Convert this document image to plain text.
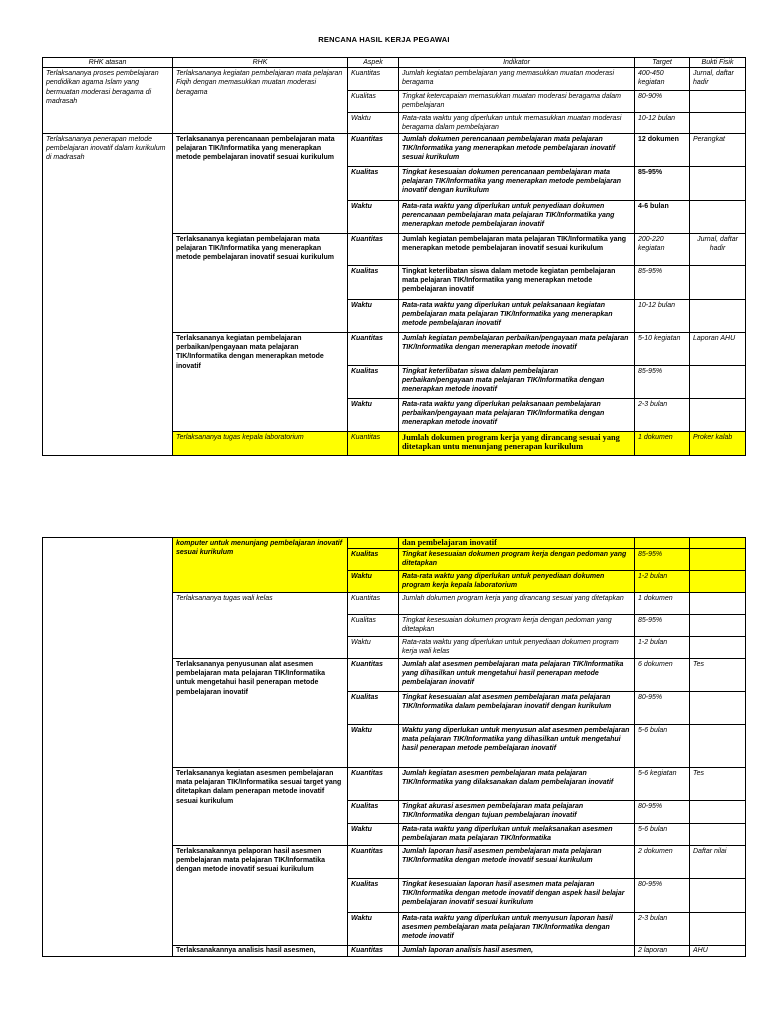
RENCANA HASIL KERJA PEGAWAI
RHK atasan	RHK	Aspek	Indikator	Target	Bukti Fisik
Terlaksananya proses pembelajaran pendidikan agama Islam yang bermuatan moderasi beragama di madrasah	Terlaksananya kegiatan pembelajaran mata pelajaran Fiqih dengan memasukkan muatan moderasi beragama	Kuantitas	Jumlah kegiatan pembelajaran yang memasukkan muatan moderasi beragama	400-450 kegiatan	Jurnal, daftar hadir
		Kualitas	Tingkat ketercapaian memasukkan muatan moderasi beragama dalam pembelajaran	80-90%	
		Waktu	Rata-rata waktu yang diperlukan untuk memasukkan muatan moderasi beragama dalam pembelajaran	10-12 bulan	
Terlaksananya penerapan metode pembelajaran inovatif dalam kurikulum di madrasah	Terlaksananya perencanaan pembelajaran mata pelajaran TIK/Informatika yang menerapkan metode pembelajaran inovatif sesuai kurikulum	Kuantitas	Jumlah dokumen perencanaan pembelajaran mata pelajaran TIK/Informatika yang menerapkan metode pembelajaran inovatif sesuai kurikulum	12 dokumen	Perangkat
		Kualitas	Tingkat kesesuaian dokumen perencanaan pembelajaran mata pelajaran TIK/Informatika yang menerapkan metode pembelajaran inovatif dengan kurikulum	85-95%	
		Waktu	Rata-rata waktu yang diperlukan untuk penyediaan dokumen perencanaan pembelajaran mata pelajaran TIK/Informatika yang menerapkan metode pembelajaran inovatif	4-6 bulan	
	Terlaksananya kegiatan pembelajaran mata pelajaran TIK/Informatika yang menerapkan metode pembelajaran inovatif sesuai kurikulum	Kuantitas	Jumlah kegiatan pembelajaran mata pelajaran TIK/Informatika yang menerapkan metode pembelajaran inovatif sesuai kurikulum	200-220 kegiatan	Jurnal, daftar hadir
		Kualitas	Tingkat keterlibatan siswa dalam metode kegiatan pembelajaran mata pelajaran TIK/Informatika yang menerapkan metode pembelajaran inovatif	85-95%	
		Waktu	Rata-rata waktu yang diperlukan untuk pelaksanaan kegiatan pembelajaran mata pelajaran TIK/Informatika yang menerapkan metode pembelajaran inovatif	10-12 bulan	
	Terlaksananya kegiatan pembelajaran perbaikan/pengayaan mata pelajaran TIK/Informatika dengan menerapkan metode inovatif	Kuantitas	Jumlah kegiatan pembelajaran perbaikan/pengayaan mata pelajaran TIK/Informatika dengan menerapkan metode inovatif	5-10 kegiatan	Laporan AHU
		Kualitas	Tingkat keterlibatan siswa dalam pembelajaran perbaikan/pengayaan mata pelajaran TIK/Informatika dengan menerapkan metode inovatif	85-95%	
		Waktu	Rata-rata waktu yang diperlukan pelaksanaan pembelajaran perbaikan/pengayaan mata pelajaran TIK/Informatika dengan menerapkan metode inovatif	2-3 bulan	
	Terlaksananya tugas kepala laboratorium	Kuantitas	Jumlah dokumen program kerja yang dirancang sesuai yang ditetapkan untu menunjang penerapan kurikulum	1 dokumen	Proker kalab
	komputer untuk menunjang pembelajaran inovatif sesuai kurikulum		dan pembelajaran inovatif		
		Kualitas	Tingkat kesesuaian dokumen program kerja dengan pedoman yang ditetapkan	85-95%	
		Waktu	Rata-rata waktu yang diperlukan untuk penyediaan dokumen program kerja kepala laboratorium	1-2 bulan	
	Terlaksananya tugas wali kelas	Kuantitas	Jumlah dokumen program kerja yang dirancang sesuai yang ditetapkan	1 dokumen	
		Kualitas	Tingkat kesesuaian dokumen program kerja dengan pedoman yang ditetapkan	85-95%	
		Waktu	Rata-rata waktu yang diperlukan untuk penyediaan dokumen program kerja wali kelas	1-2 bulan	
	Terlaksananya penyusunan alat asesmen pembelajaran mata pelajaran TIK/Informatika untuk mengetahui hasil penerapan metode pembelajaran inovatif	Kuantitas	Jumlah alat asesmen pembelajaran mata pelajaran TIK/Informatika yang dihasilkan untuk mengetahui hasil penerapan metode pembelajaran inovatif	6 dokumen	Tes
		Kualitas	Tingkat kesesuaian alat asesmen pembelajaran mata pelajaran TIK/Informatika dalam pembelajaran inovatif dengan kurikulum	80-95%	
		Waktu	Waktu yang diperlukan untuk menyusun alat asesmen pembelajaran mata pelajaran TIK/Informatika yang dihasilkan untuk mengetahui hasil penerapan metode pembelajaran inovatif	5-6 bulan	
	Terlaksananya kegiatan asesmen pembelajaran mata pelajaran TIK/Informatika sesuai target yang ditetapkan dalam penerapan metode inovatif sesuai kurikulum	Kuantitas	Jumlah kegiatan asesmen pembelajaran mata pelajaran TIK/Informatika yang dilaksanakan dalam pembelajaran inovatif	5-6 kegiatan	Tes
		Kualitas	Tingkat akurasi asesmen pembelajaran mata pelajaran TIK/Informatika dengan tujuan pembelajaran inovatif	80-95%	
		Waktu	Rata-rata waktu yang diperlukan untuk melaksanakan asesmen pembelajaran mata pelajaran TIK/Informatika	5-6 bulan	
	Terlaksanakannya pelaporan hasil asesmen pembelajaran mata pelajaran TIK/Informatika dengan metode inovatif sesuai kurikulum	Kuantitas	Jumlah laporan hasil asesmen pembelajaran mata pelajaran TIK/Informatika dengan metode inovatif sesuai kurikulum	2 dokumen	Daftar nilai
		Kualitas	Tingkat kesesuaian laporan hasil asesmen mata pelajaran TIK/Informatika dengan metode inovatif dengan aspek hasil belajar pembelajaran inovatif sesuai kurikulum	80-95%	
		Waktu	Rata-rata waktu yang diperlukan untuk menyusun laporan hasil asesmen pembelajaran mata pelajaran TIK/Informatika dengan metode inovatif	2-3 bulan	
	Terlaksanakannya analisis hasil asesmen,	Kuantitas	Jumlah laporan analisis hasil asesmen,	2 laporan	AHU
